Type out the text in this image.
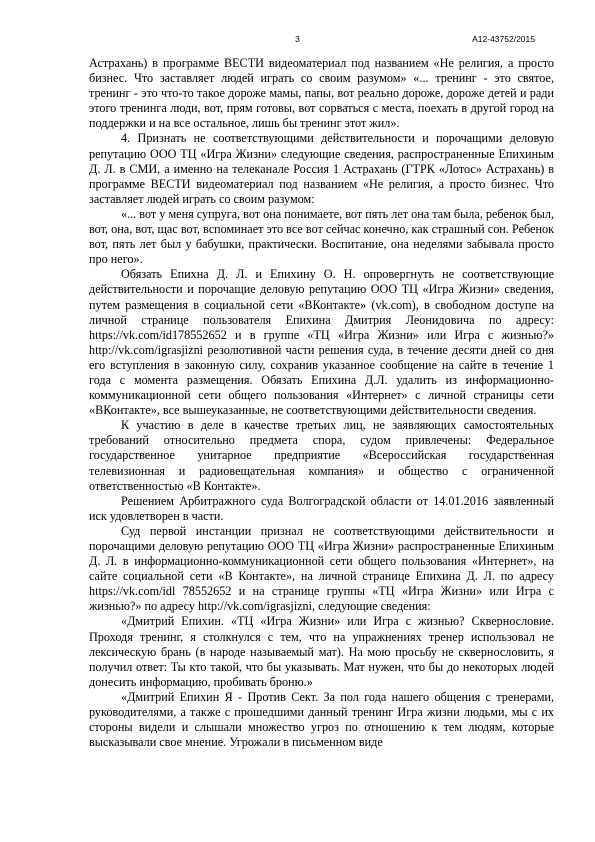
3	А12-43752/2015

Астрахань) в программе ВЕСТИ видеоматериал под названием «Не религия, а просто бизнес. Что заставляет людей играть со своим разумом» «... тренинг - это святое, тренинг - это что-то такое дороже мамы, папы, вот реально дороже, дороже детей и ради этого тренинга люди, вот, прям готовы, вот сорваться с места, поехать в другой город на поддержки и на все остальное, лишь бы тренинг этот жил».

4. Признать не соответствующими действительности и порочащими деловую репутацию ООО ТЦ «Игра Жизни» следующие сведения, распространенные Епихиным Д. Л. в СМИ, а именно на телеканале Россия 1 Астрахань (ГТРК «Лотос» Астрахань) в программе ВЕСТИ видеоматериал под названием «Не религия, а просто бизнес. Что заставляет людей играть со своим разумом:

«... вот у меня супруга, вот она понимаете, вот пять лет она там была, ребенок был, вот, она, вот, щас вот, вспоминает это все вот сейчас конечно, как страшный сон. Ребенок вот, пять лет был у бабушки, практически. Воспитание, она неделями забывала просто про него».

Обязать Епихна Д. Л. и Епихину О. Н. опровергнуть не соответствующие действительности и порочащие деловую репутацию ООО ТЦ «Игра Жизни» сведения, путем размещения в социальной сети «ВКонтакте» (vk.com), в свободном доступе на личной странице пользователя Епихина Дмитрия Леонидовича по адресу: https://vk.com/id178552652 и в группе «ТЦ «Игра Жизни» или Игра с жизнью?» http://vk.com/igrasjizni резолютивной части решения суда, в течение десяти дней со дня его вступления в законную силу, сохранив указанное сообщение на сайте в течение 1 года с момента размещения. Обязать Епихина Д.Л. удалить из информационно-коммуникационной сети общего пользования «Интернет» с личной страницы сети «ВКонтакте», все вышеуказанные, не соответствующими действительности сведения.

К участию в деле в качестве третьих лиц, не заявляющих самостоятельных требований относительно предмета спора, судом привлечены: Федеральное государственное унитарное предприятие «Всероссийская государственная телевизионная и радиовещательная компания» и общество с ограниченной ответственностью «В Контакте».

Решением Арбитражного суда Волгоградской области от 14.01.2016 заявленный иск удовлетворен в части.

Суд первой инстанции признал не соответствующими действительности и порочащими деловую репутацию ООО ТЦ «Игра Жизни» распространенные Епихиным Д. Л. в информационно-коммуникационной сети общего пользования «Интернет», на сайте социальной сети «В Контакте», на личной странице Епихина Д. Л. по адресу https://vk.com/idl 78552652 и на странице группы «ТЦ «Игра Жизни» или Игра с жизнью?» по адресу http://vk.com/igrasjizni, следующие сведения:

«Дмитрий Епихин. «ТЦ «Игра Жизни» или Игра с жизнью? Сквернословие. Проходя тренинг, я столкнулся с тем, что на упражнениях тренер использовал не лексическую брань (в народе называемый мат). На мою просьбу не сквернословить, я получил ответ: Ты кто такой, что бы указывать. Мат нужен, что бы до некоторых людей донесить информацию, пробивать броню.»

«Дмитрий Епихин Я - Против Сект. За пол года нашего общения с тренерами, руководителями, а также с прошедшими данный тренинг Игра жизни людьми, мы с их стороны видели и слышали множество угроз по отношению к тем людям, которые высказывали свое мнение. Угрожали в письменном виде
